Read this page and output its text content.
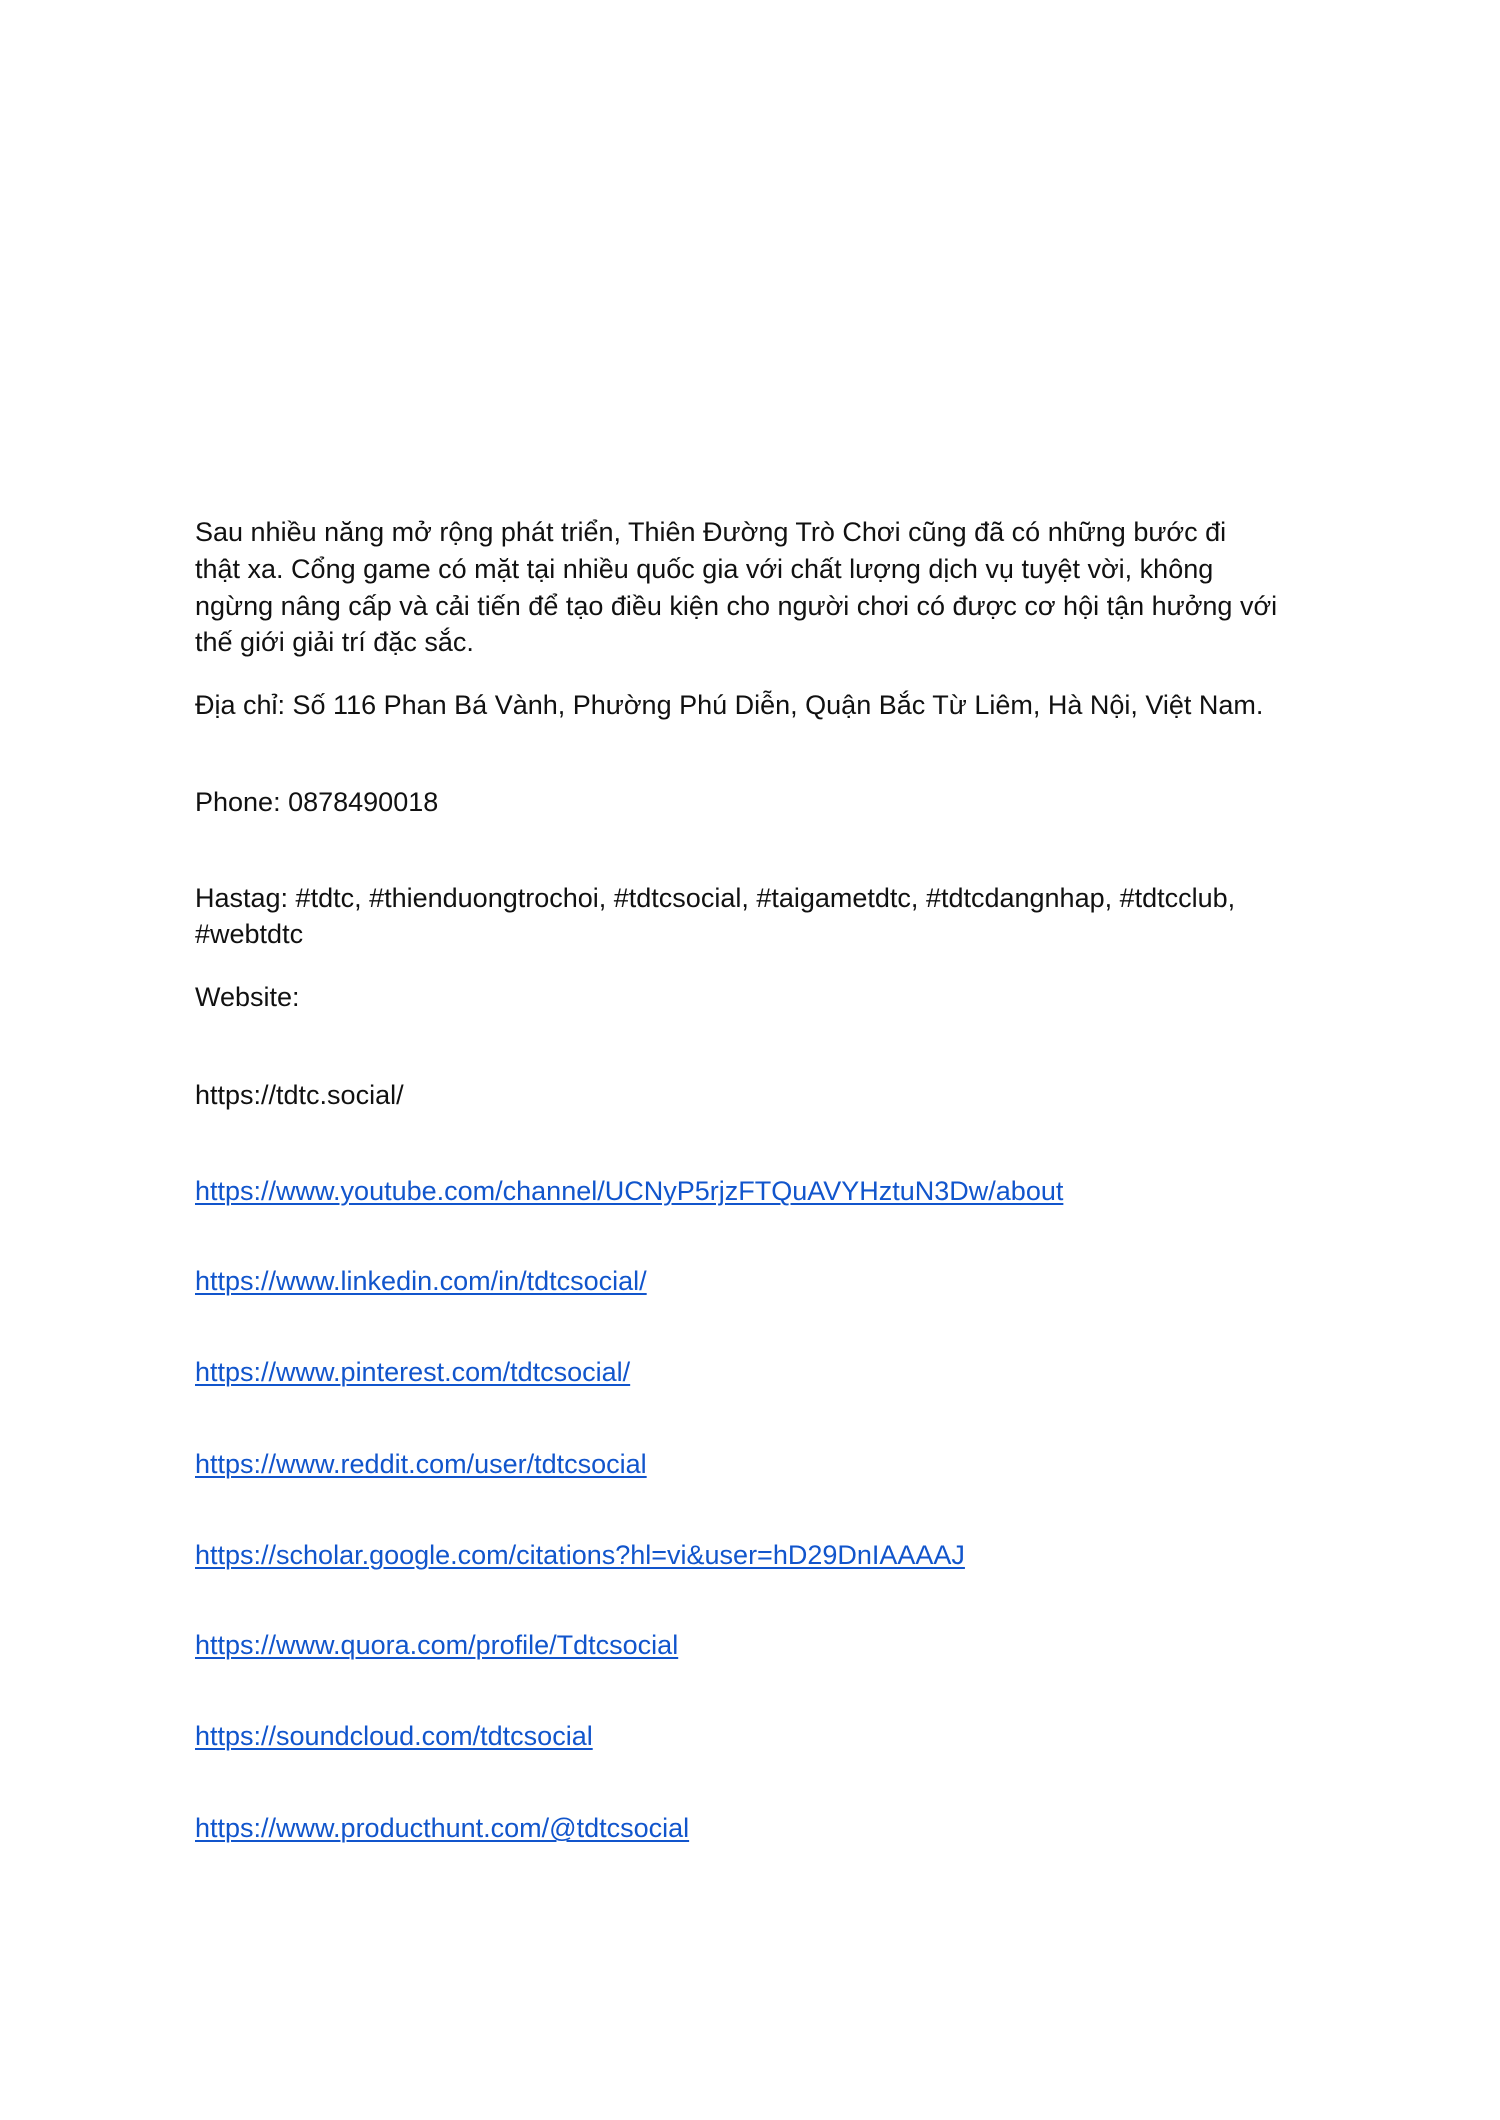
Sau nhiều năng mở rộng phát triển, Thiên Đường Trò Chơi cũng đã có những bước đi
thật xa. Cổng game có mặt tại nhiều quốc gia với chất lượng dịch vụ tuyệt vời, không
ngừng nâng cấp và cải tiến để tạo điều kiện cho người chơi có được cơ hội tận hưởng với
thế giới giải trí đặc sắc.
Địa chỉ: Số 116 Phan Bá Vành, Phường Phú Diễn, Quận Bắc Từ Liêm, Hà Nội, Việt Nam.
Phone: 0878490018
Hastag: #tdtc, #thienduongtrochoi, #tdtcsocial, #taigametdtc, #tdtcdangnhap, #tdtcclub,
#webtdtc
Website:
https://tdtc.social/
https://www.youtube.com/channel/UCNyP5rjzFTQuAVYHztuN3Dw/about
https://www.linkedin.com/in/tdtcsocial/
https://www.pinterest.com/tdtcsocial/
https://www.reddit.com/user/tdtcsocial
https://scholar.google.com/citations?hl=vi&user=hD29DnIAAAAJ
https://www.quora.com/profile/Tdtcsocial
https://soundcloud.com/tdtcsocial
https://www.producthunt.com/@tdtcsocial
